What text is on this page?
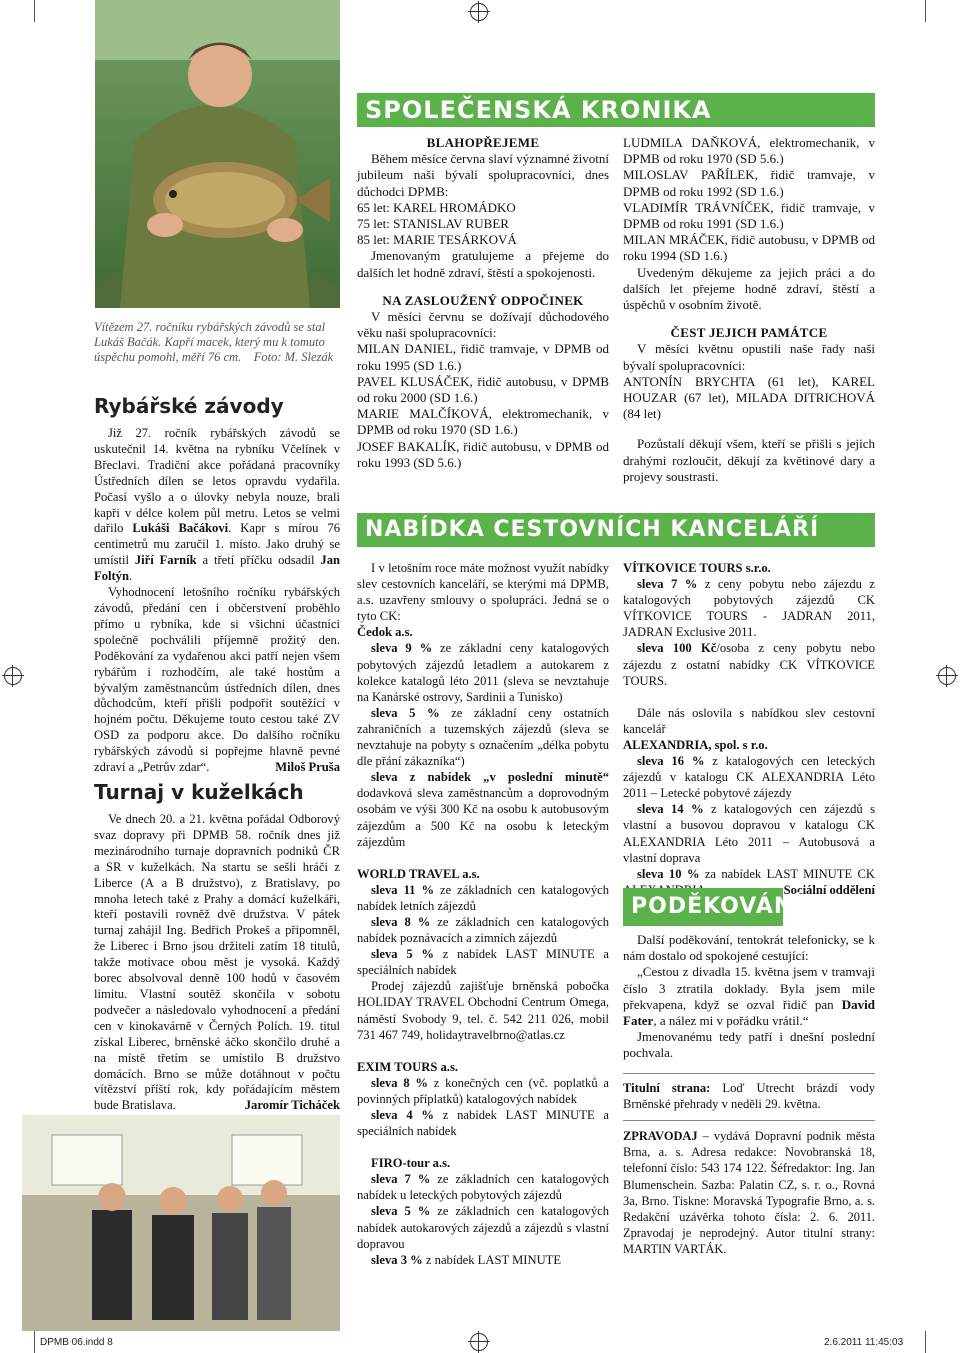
Vítězem 27. ročníku rybářských závodů se stal Lukáš Bačák. Kapří macek, který mu k tomuto úspěchu pomohl, měří 76 cm. Foto: M. Slezák

Rybářské závody

Již 27. ročník rybářských závodů se uskutečnil 14. května na rybníku Včelínek v Břeclavi. Tradiční akce pořádaná pracovníky Ústředních dílen se letos opravdu vydařila. Počasí vyšlo a o úlovky nebyla nouze, brali kapři v délce kolem půl metru. Letos se velmi dařilo Lukáši Bačákovi. Kapr s mírou 76 centimetrů mu zaručil 1. místo. Jako druhý se umístil Jiří Farník a třetí příčku odsadil Jan Foltýn.

Vyhodnocení letošního ročníku rybářských závodů, předání cen i občerstvení proběhlo přímo u rybníka, kde si všichni účastníci společně pochválili příjemně prožitý den. Poděkování za vydařenou akci patří nejen všem rybářům i rozhodčím, ale také hostům a bývalým zaměstnancům ústředních dílen, dnes důchodcům, kteří přišli podpořit soutěžící v hojném počtu. Děkujeme touto cestou také ZV OSD za podporu akce. Do dalšího ročníku rybářských závodů si popřejme hlavně pevné zdraví a „Petrův zdar“.	Miloš Pruša

Turnaj v kuželkách

Ve dnech 20. a 21. května pořádal Odborový svaz dopravy při DPMB 58. ročník dnes již mezinárodního turnaje dopravních podniků ČR a SR v kuželkách. Na startu se sešli hráči z Liberce (A a B družstvo), z Bratislavy, po mnoha letech také z Prahy a domácí kuželkáři, kteří postavili rovněž dvě družstva. V pátek turnaj zahájil Ing. Bedřich Prokeš a připomněl, že Liberec i Brno jsou držiteli zatím 18 titulů, takže motivace obou měst je vysoká. Každý borec absolvoval denně 100 hodů v časovém limitu. Vlastní soutěž skončila v sobotu podvečer a následovalo vyhodnocení a předání cen v kinokavárně v Černých Polích. 19. titul získal Liberec, brněnské áčko skončilo druhé a na místě třetím se umístilo B družstvo domácích. Brno se může dotáhnout v počtu vítězství příští rok, kdy pořádajícím městem bude Bratislava.	Jaromír Ticháček

SPOLEČENSKÁ KRONIKA

BLAHOPŘEJEME

Během měsíce června slaví významné životní jubileum naši bývalí spolupracovníci, dnes důchodci DPMB:

65 let: KAREL HROMÁDKO

75 let: STANISLAV RUBER

85 let: MARIE TESÁRKOVÁ

Jmenovaným gratulujeme a přejeme do dalších let hodně zdraví, štěstí a spokojenosti.

NA ZASLOUŽENÝ ODPOČINEK

V měsíci červnu se dožívají důchodového věku naši spolupracovníci:

MILAN DANIEL, řidič tramvaje, v DPMB od roku 1995 (SD 1.6.)

PAVEL KLUSÁČEK, řidič autobusu, v DPMB od roku 2000 (SD 1.6.)

MARIE MALČÍKOVÁ, elektromechanik, v DPMB od roku 1970 (SD 1.6.)

JOSEF BAKALÍK, řidič autobusu, v DPMB od roku 1993 (SD 5.6.)

LUDMILA DAŇKOVÁ, elektromechanik, v DPMB od roku 1970 (SD 5.6.)

MILOSLAV PAŘÍLEK, řidič tramvaje, v DPMB od roku 1992 (SD 1.6.)

VLADIMÍR TRÁVNÍČEK, řidič tramvaje, v DPMB od roku 1991 (SD 1.6.)

MILAN MRÁČEK, řidič autobusu, v DPMB od roku 1994 (SD 1.6.)

Uvedeným děkujeme za jejich práci a do dalších let přejeme hodně zdraví, štěstí a úspěchů v osobním životě.

ČEST JEJICH PAMÁTCE

V měsíci květnu opustili naše řady naši bývalí spolupracovníci:

ANTONÍN BRYCHTA (61 let), KAREL HOUZAR (67 let), MILADA DITRICHOVÁ (84 let)

Pozůstalí děkují všem, kteří se přišli s jejich drahými rozloučit, děkují za květinové dary a projevy soustrasti.

NABÍDKA CESTOVNÍCH KANCELÁŘÍ

I v letošním roce máte možnost využít nabídky slev cestovních kanceláří, se kterými má DPMB, a.s. uzavřeny smlouvy o spolupráci. Jedná se o tyto CK:

Čedok a.s.

sleva 9 % ze základní ceny katalogových pobytových zájezdů letadlem a autokarem z kolekce katalogů léto 2011 (sleva se nevztahuje na Kanárské ostrovy, Sardinii a Tunisko)

sleva 5 % ze základní ceny ostatních zahraničních a tuzemských zájezdů (sleva se nevztahuje na pobyty s označením „délka pobytu dle přání zákazníka“)

sleva z nabídek „v poslední minutě“ dodavková sleva zaměstnancům a doprovodným osobám ve výši 300 Kč na osobu k autobusovým zájezdům a 500 Kč na osobu k leteckým zájezdům

WORLD TRAVEL a.s.

sleva 11 % ze základních cen katalogových nabídek letních zájezdů

sleva 8 % ze základních cen katalogových nabídek poznávacích a zimních zájezdů

sleva 5 % z nabídek LAST MINUTE a speciálních nabídek

Prodej zájezdů zajišťuje brněnská pobočka HOLIDAY TRAVEL Obchodní Centrum Omega, náměstí Svobody 9, tel. č. 542 211 026, mobil 731 467 749, holidaytravelbrno@atlas.cz

EXIM TOURS a.s.

sleva 8 % z konečných cen (vč. poplatků a povinných příplatků) katalogových nabídek

sleva 4 % z nabídek LAST MINUTE a speciálních nabídek

FIRO-tour a.s.

sleva 7 % ze základních cen katalogových nabídek u leteckých pobytových zájezdů

sleva 5 % ze základních cen katalogových nabídek autokarových zájezdů a zájezdů s vlastní dopravou

sleva 3 % z nabídek LAST MINUTE

VÍTKOVICE TOURS s.r.o.

sleva 7 % z ceny pobytu nebo zájezdu z katalogových pobytových zájezdů CK VÍTKOVICE TOURS - JADRAN 2011, JADRAN Exclusive 2011.

sleva 100 Kč/osoba z ceny pobytu nebo zájezdu z ostatní nabídky CK VÍTKOVICE TOURS.

Dále nás oslovila s nabídkou slev cestovní kancelář

ALEXANDRIA, spol. s r.o.

sleva 16 % z katalogových cen leteckých zájezdů v katalogu CK ALEXANDRIA Léto 2011 – Letecké pobytové zájezdy

sleva 14 % z katalogových cen zájezdů s vlastní a busovou dopravou v katalogu CK ALEXANDRIA Léto 2011 – Autobusová a vlastní doprava

sleva 10 % za nabídek LAST MINUTE CK
Sociální oddělení

PODĚKOVÁNÍ

Další poděkování, tentokrát telefonicky, se k nám dostalo od spokojené cestující:

„Cestou z divadla 15. května jsem v tramvaji číslo 3 ztratila doklady. Byla jsem mile překvapena, když se ozval řidič pan David Fater, a nález mi v pořádku vrátil.“

Jmenovanému tedy patří i dnešní poslední pochvala.

Titulní strana: Loď Utrecht brázdí vody Brněnské přehrady v neděli 29. května.

ZPRAVODAJ – vydává Dopravní podnik města Brna, a. s. Adresa redakce: Novobranská 18, telefonní číslo: 543 174 122. Šéfredaktor: Ing. Jan Blumenschein. Sazba: Palatin CZ, s. r. o., Rovná 3a, Brno. Tiskne: Moravská Typografie Brno, a. s. Redakční uzávěrka tohoto čísla: 2. 6. 2011. Zpravodaj je neprodejný. Autor titulní strany: MARTIN VARTÁK.

DPMB 06.indd 8	2.6.2011 11:45:03
